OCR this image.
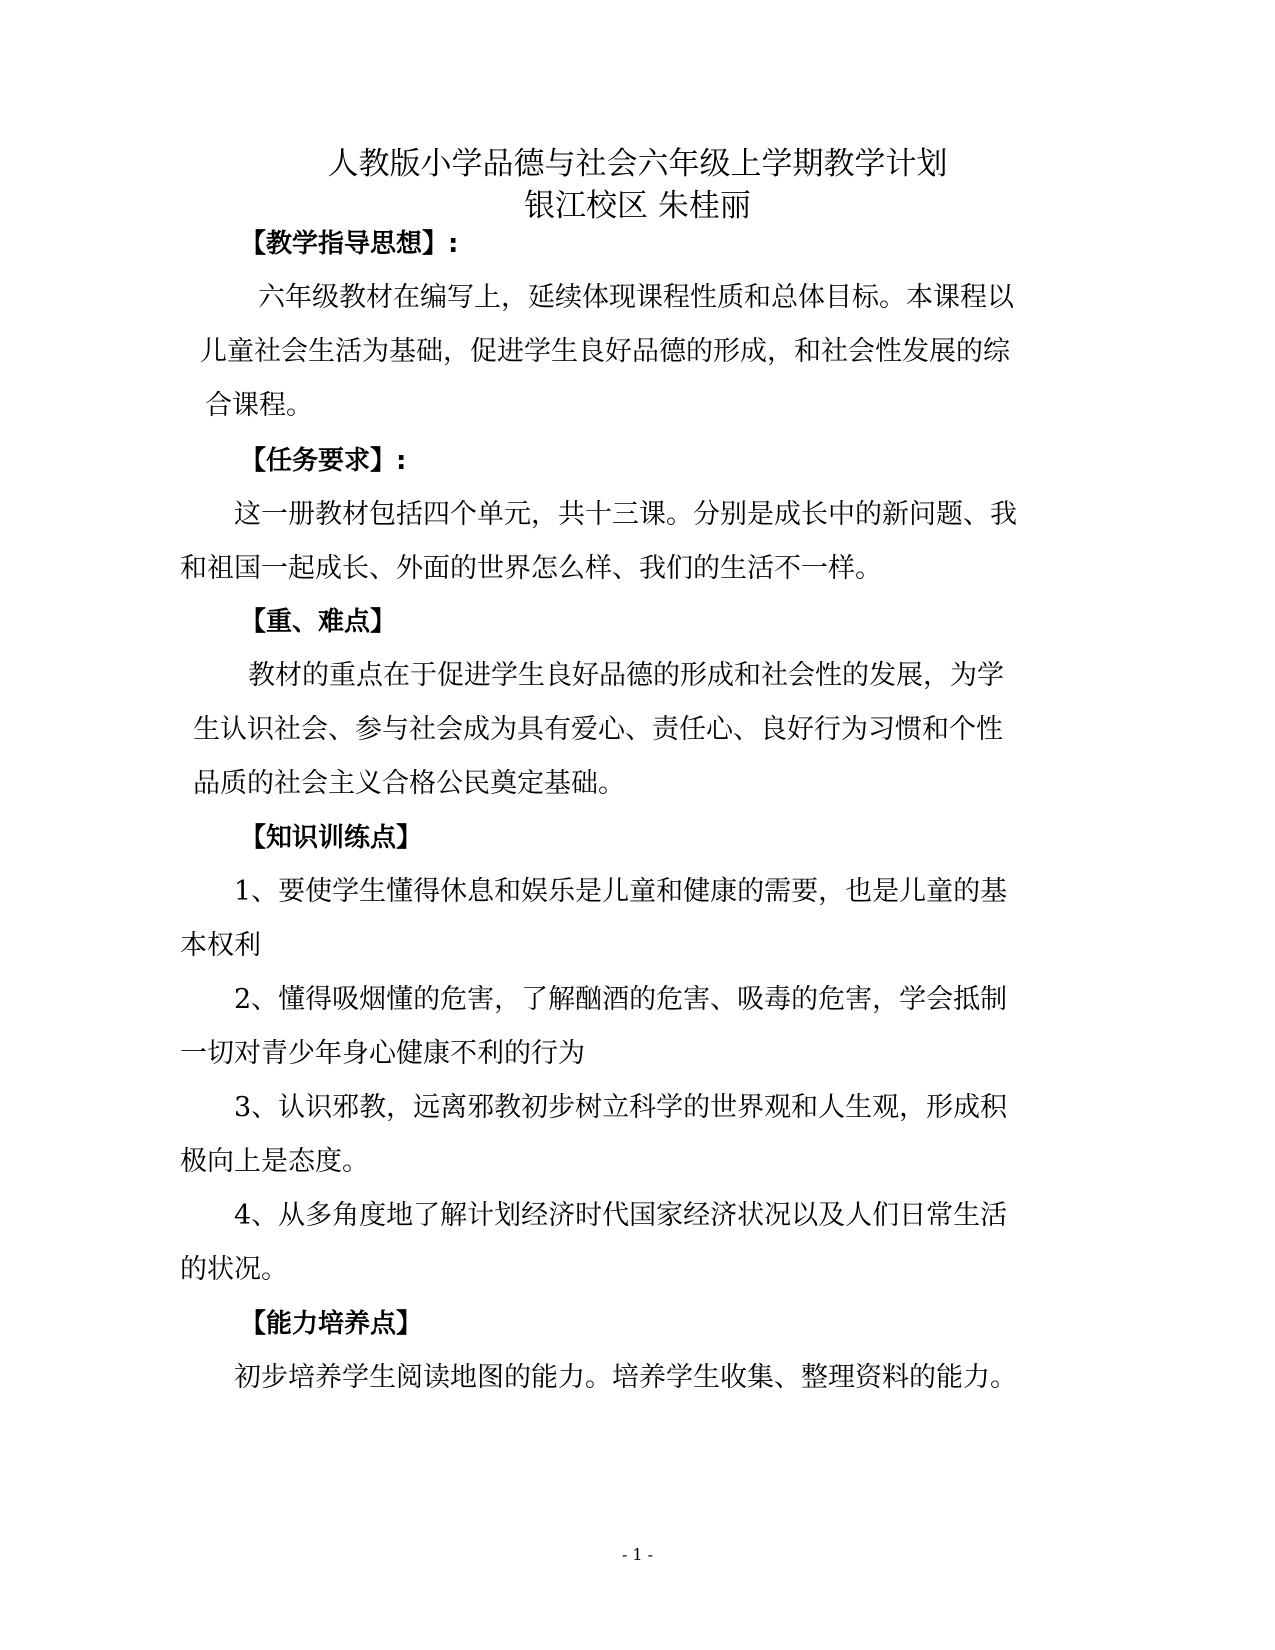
人教版小学品德与社会六年级上学期教学计划
银江校区 朱桂丽
【教学指导思想】:
六年级教材在编写上，延续体现课程性质和总体目标。本课程以
儿童社会生活为基础，促进学生良好品德的形成，和社会性发展的综
合课程。
【任务要求】:
这一册教材包括四个单元，共十三课。分别是成长中的新问题、我
和祖国一起成长、外面的世界怎么样、我们的生活不一样。
【重、难点】
教材的重点在于促进学生良好品德的形成和社会性的发展，为学
生认识社会、参与社会成为具有爱心、责任心、良好行为习惯和个性
品质的社会主义合格公民奠定基础。
【知识训练点】
1、要使学生懂得休息和娱乐是儿童和健康的需要，也是儿童的基
本权利
2、懂得吸烟懂的危害，了解酗酒的危害、吸毒的危害，学会抵制
一切对青少年身心健康不利的行为
3、认识邪教，远离邪教初步树立科学的世界观和人生观，形成积
极向上是态度。
4、从多角度地了解计划经济时代国家经济状况以及人们日常生活
的状况。
【能力培养点】
初步培养学生阅读地图的能力。培养学生收集、整理资料的能力。
- 1 -
